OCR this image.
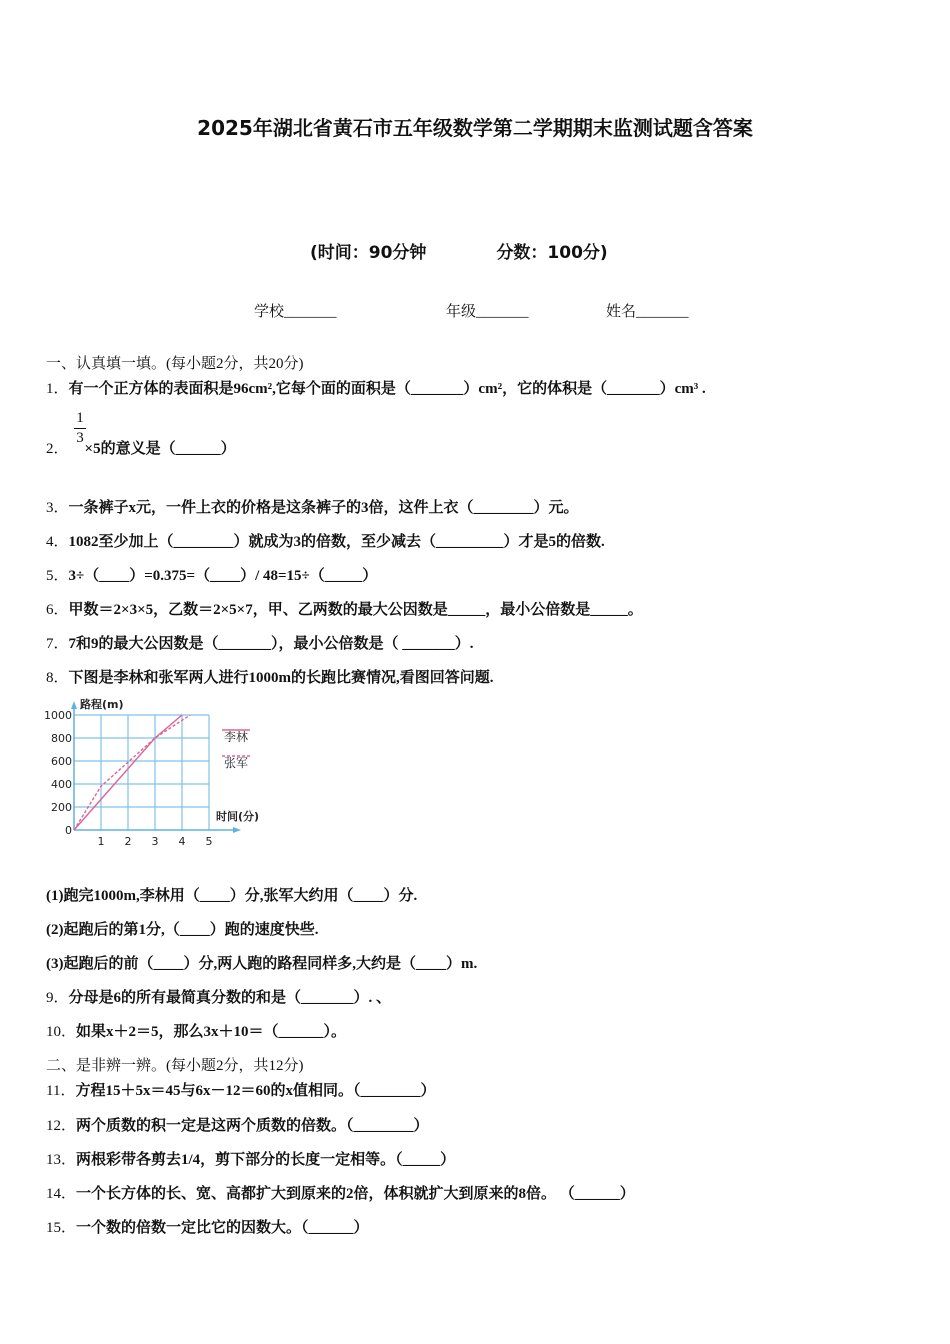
2025年湖北省黄石市五年级数学第二学期期末监测试题含答案
(时间：90分钟	分数：100分)
学校_______	年级_______	姓名_______
一、认真填一填。(每小题2分，共20分)
1．有一个正方体的表面积是96cm²,它每个面的面积是（_______）cm²，它的体积是（_______）cm³ .
1
3
2． ×5的意义是（______）
3．一条裤子x元，一件上衣的价格是这条裤子的3倍，这件上衣（________）元。
4．1082至少加上（________）就成为3的倍数，至少减去（_________）才是5的倍数.
5．3÷（____）=0.375=（____）/ 48=15÷（_____）
6．甲数＝2×3×5，乙数＝2×5×7，甲、乙两数的最大公因数是_____，最小公倍数是_____。
7．7和9的最大公因数是（_______），最小公倍数是（ _______）.
8．下图是李林和张军两人进行1000m的长跑比赛情况,看图回答问题.
1 2 3 4 5
0
200
400
600
800
1000
路程(m)
时间(分)
李林
张军
(1)跑完1000m,李林用（____）分,张军大约用（____）分.
(2)起跑后的第1分,（____）跑的速度快些.
(3)起跑后的前（____）分,两人跑的路程同样多,大约是（____）m.
9．分母是6的所有最简真分数的和是（_______）. 、
10．如果x＋2＝5，那么3x＋10＝（______）。
二、是非辨一辨。(每小题2分，共12分)
11．方程15＋5x＝45与6x－12＝60的x值相同。（________）
12．两个质数的积一定是这两个质数的倍数。（________）
13．两根彩带各剪去1/4，剪下部分的长度一定相等。（_____）
14．一个长方体的长、宽、高都扩大到原来的2倍，体积就扩大到原来的8倍。 （______）
15．一个数的倍数一定比它的因数大。（______）
